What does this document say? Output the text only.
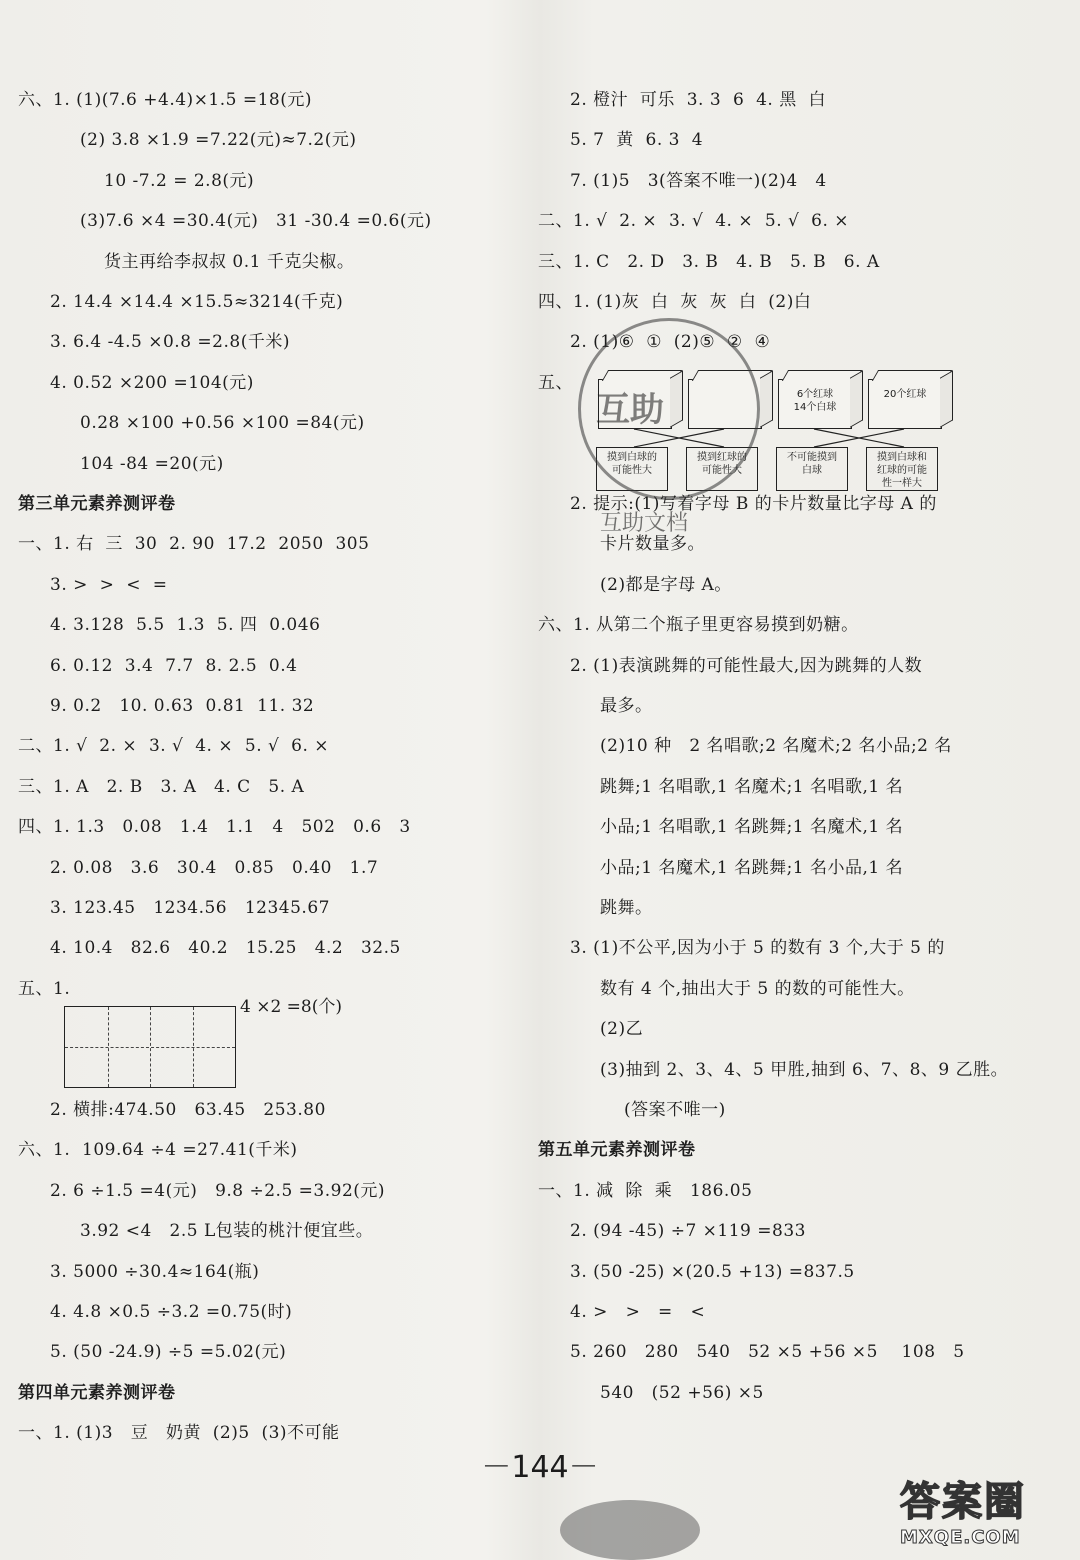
六、1. (1)(7.6 +4.4)×1.5 =18(元)
(2) 3.8 ×1.9 =7.22(元)≈7.2(元)
10 -7.2 = 2.8(元)
(3)7.6 ×4 =30.4(元)   31 -30.4 =0.6(元)
货主再给李叔叔 0.1 千克尖椒。
2. 14.4 ×14.4 ×15.5≈3214(千克)
3. 6.4 -4.5 ×0.8 =2.8(千米)
4. 0.52 ×200 =104(元)
0.28 ×100 +0.56 ×100 =84(元)
104 -84 =20(元)
第三单元素养测评卷
一、1. 右  三  30  2. 90  17.2  2050  305
3. >  >  <  =
4. 3.128  5.5  1.3  5. 四  0.046
6. 0.12  3.4  7.7  8. 2.5  0.4
9. 0.2   10. 0.63  0.81  11. 32
二、1. √  2. ×  3. √  4. ×  5. √  6. ×
三、1. A   2. B   3. A   4. C   5. A
四、1. 1.3   0.08   1.4   1.1   4   502   0.6   3
2. 0.08   3.6   30.4   0.85   0.40   1.7
3. 123.45   1234.56   12345.67
4. 10.4   82.6   40.2   15.25   4.2   32.5
五、1.
2. 横排:474.50   63.45   253.80
六、1.  109.64 ÷4 =27.41(千米)
2. 6 ÷1.5 =4(元)   9.8 ÷2.5 =3.92(元)
3.92 <4   2.5 L包装的桃汁便宜些。
3. 5000 ÷30.4≈164(瓶)
4. 4.8 ×0.5 ÷3.2 =0.75(时)
5. (50 -24.9) ÷5 =5.02(元)
第四单元素养测评卷
一、1. (1)3   豆   奶黄  (2)5  (3)不可能
2. 橙汁  可乐  3. 3  6  4. 黑  白
5. 7  黄  6. 3  4
7. (1)5   3(答案不唯一)(2)4   4
二、1. √  2. ×  3. √  4. ×  5. √  6. ×
三、1. C   2. D   3. B   4. B   5. B   6. A
四、1. (1)灰  白  灰  灰  白  (2)白
2. (1)⑥  ①  (2)⑤  ②  ④
五、
2. 提示:(1)写着字母 B 的卡片数量比字母 A 的
卡片数量多。
(2)都是字母 A。
六、1. 从第二个瓶子里更容易摸到奶糖。
2. (1)表演跳舞的可能性最大,因为跳舞的人数
最多。
(2)10 种   2 名唱歌;2 名魔术;2 名小品;2 名
跳舞;1 名唱歌,1 名魔术;1 名唱歌,1 名
小品;1 名唱歌,1 名跳舞;1 名魔术,1 名
小品;1 名魔术,1 名跳舞;1 名小品,1 名
跳舞。
3. (1)不公平,因为小于 5 的数有 3 个,大于 5 的
数有 4 个,抽出大于 5 的数的可能性大。
(2)乙
(3)抽到 2、3、4、5 甲胜,抽到 6、7、8、9 乙胜。
(答案不唯一)
第五单元素养测评卷
一、1. 减  除  乘   186.05
2. (94 -45) ÷7 ×119 =833
3. (50 -25) ×(20.5 +13) =837.5
4. >   >   =   <
5. 260   280   540   52 ×5 +56 ×5    108   5
540   (52 +56) ×5
6个红球
14个白球
20个红球
摸到白球的
可能性大
摸到红球的
可能性大
不可能摸到
白球
摸到白球和
红球的可能
性一样大
4 ×2 =8(个)
互助
互助文档
－144－
答案圈
MXQE.COM
